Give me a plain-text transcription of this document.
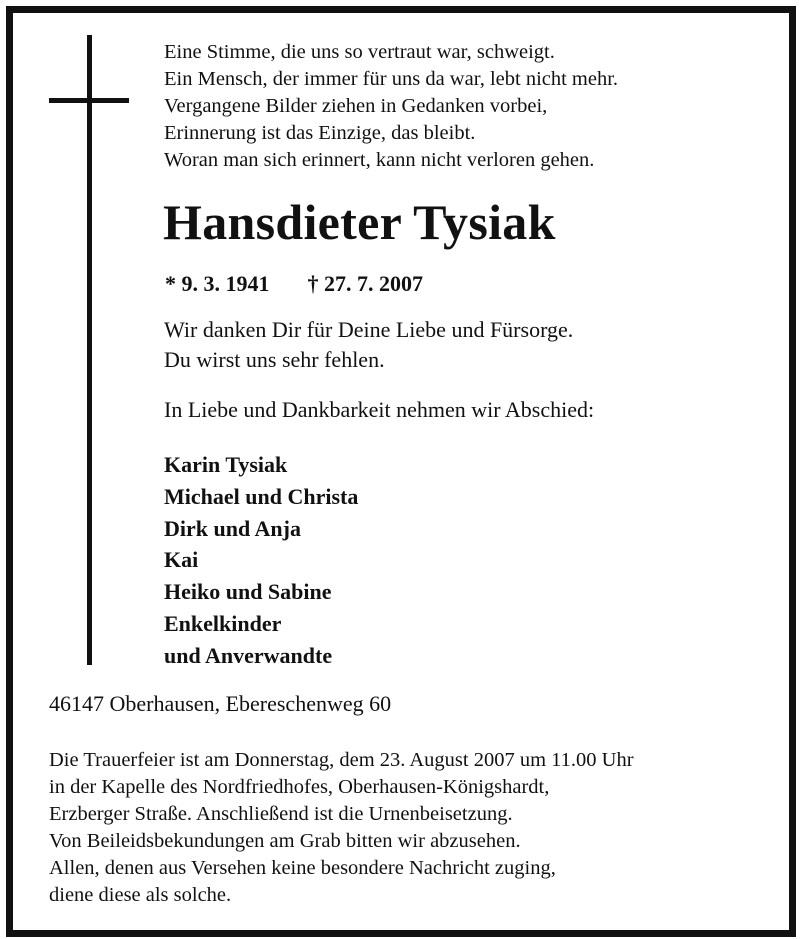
Eine Stimme, die uns so vertraut war, schweigt.
Ein Mensch, der immer für uns da war, lebt nicht mehr.
Vergangene Bilder ziehen in Gedanken vorbei,
Erinnerung ist das Einzige, das bleibt.
Woran man sich erinnert, kann nicht verloren gehen.
Hansdieter Tysiak
* 9. 3. 1941 † 27. 7. 2007
Wir danken Dir für Deine Liebe und Fürsorge.
Du wirst uns sehr fehlen.
In Liebe und Dankbarkeit nehmen wir Abschied:
Karin Tysiak
Michael und Christa
Dirk und Anja
Kai
Heiko und Sabine
Enkelkinder
und Anverwandte
46147 Oberhausen, Ebereschenweg 60
Die Trauerfeier ist am Donnerstag, dem 23. August 2007 um 11.00 Uhr
in der Kapelle des Nordfriedhofes, Oberhausen-Königshardt,
Erzberger Straße. Anschließend ist die Urnenbeisetzung.
Von Beileidsbekundungen am Grab bitten wir abzusehen.
Allen, denen aus Versehen keine besondere Nachricht zuging,
diene diese als solche.
